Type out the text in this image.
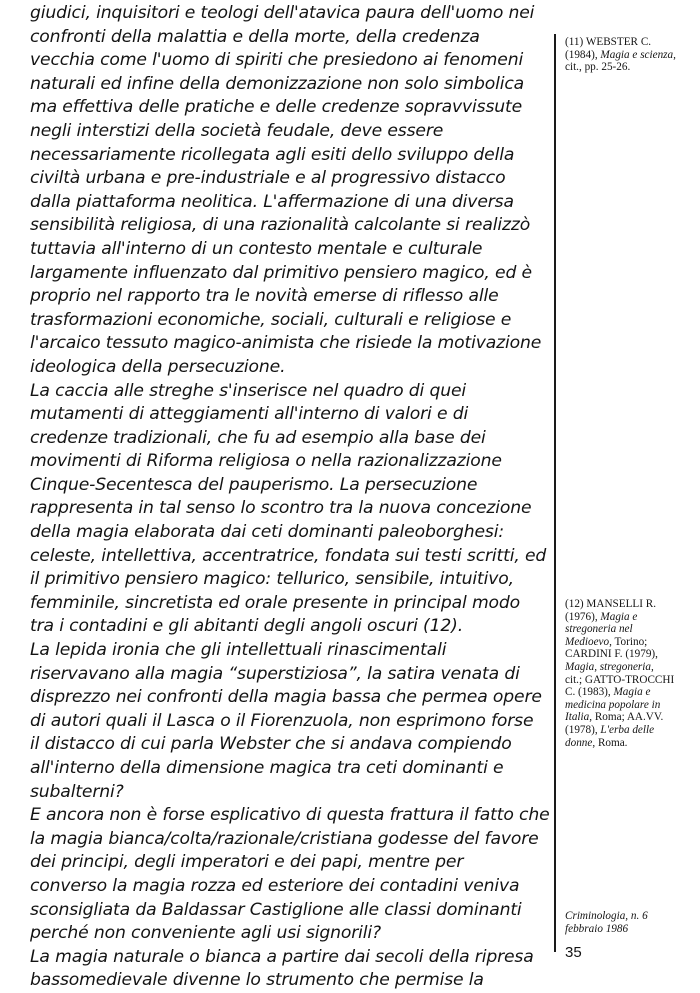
giudici, inquisitori e teologi dell'atavica paura dell'uomo nei
confronti della malattia e della morte, della credenza
vecchia come l'uomo di spiriti che presiedono ai fenomeni
naturali ed infine della demonizzazione non solo simbolica
ma effettiva delle pratiche e delle credenze sopravvissute
negli interstizi della società feudale, deve essere
necessariamente ricollegata agli esiti dello sviluppo della
civiltà urbana e pre-industriale e al progressivo distacco
dalla piattaforma neolitica. L'affermazione di una diversa
sensibilità religiosa, di una razionalità calcolante si realizzò
tuttavia all'interno di un contesto mentale e culturale
largamente influenzato dal primitivo pensiero magico, ed è
proprio nel rapporto tra le novità emerse di riflesso alle
trasformazioni economiche, sociali, culturali e religiose e
l'arcaico tessuto magico-animista che risiede la motivazione
ideologica della persecuzione.
La caccia alle streghe s'inserisce nel quadro di quei
mutamenti di atteggiamenti all'interno di valori e di
credenze tradizionali, che fu ad esempio alla base dei
movimenti di Riforma religiosa o nella razionalizzazione
Cinque-Secentesca del pauperismo. La persecuzione
rappresenta in tal senso lo scontro tra la nuova concezione
della magia elaborata dai ceti dominanti paleoborghesi:
celeste, intellettiva, accentratrice, fondata sui testi scritti, ed
il primitivo pensiero magico: tellurico, sensibile, intuitivo,
femminile, sincretista ed orale presente in principal modo
tra i contadini e gli abitanti degli angoli oscuri (12).
La lepida ironia che gli intellettuali rinascimentali
riservavano alla magia “superstiziosa”, la satira venata di
disprezzo nei confronti della magia bassa che permea opere
di autori quali il Lasca o il Fiorenzuola, non esprimono forse
il distacco di cui parla Webster che si andava compiendo
all'interno della dimensione magica tra ceti dominanti e
subalterni?
E ancora non è forse esplicativo di questa frattura il fatto che
la magia bianca/colta/razionale/cristiana godesse del favore
dei principi, degli imperatori e dei papi, mentre per
converso la magia rozza ed esteriore dei contadini veniva
sconsigliata da Baldassar Castiglione alle classi dominanti
perché non conveniente agli usi signorili?
La magia naturale o bianca a partire dai secoli della ripresa
bassomedievale divenne lo strumento che permise la
(11) WEBSTER C.
(1984), Magia e scienza,
cit., pp. 25-26.
(12) MANSELLI R.
(1976), Magia e
stregoneria nel
Medioevo, Torino;
CARDINI F. (1979),
Magia, stregoneria,
cit.; GATTO-TROCCHI
C. (1983), Magia e
medicina popolare in
Italia, Roma; AA.VV.
(1978), L'erba delle
donne, Roma.
Criminologia, n. 6
febbraio 1986
35
